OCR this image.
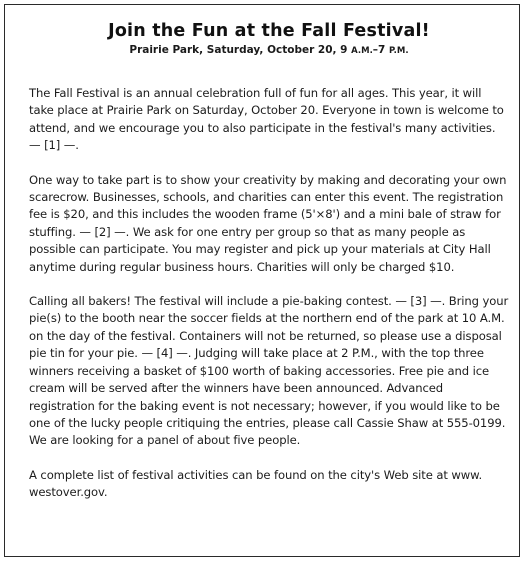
Join the Fun at the Fall Festival!
Prairie Park, Saturday, October 20, 9 A.M.–7 P.M.

The Fall Festival is an annual celebration full of fun for all ages. This year, it will take place at Prairie Park on Saturday, October 20. Everyone in town is welcome to attend, and we encourage you to also participate in the festival's many activities. — [1] —.

One way to take part is to show your creativity by making and decorating your own scarecrow. Businesses, schools, and charities can enter this event. The registration fee is $20, and this includes the wooden frame (5'×8') and a mini bale of straw for stuffing. — [2] —. We ask for one entry per group so that as many people as possible can participate. You may register and pick up your materials at City Hall anytime during regular business hours. Charities will only be charged $10.

Calling all bakers! The festival will include a pie-baking contest. — [3] —. Bring your pie(s) to the booth near the soccer fields at the northern end of the park at 10 A.M. on the day of the festival. Containers will not be returned, so please use a disposal pie tin for your pie. — [4] —. Judging will take place at 2 P.M., with the top three winners receiving a basket of $100 worth of baking accessories. Free pie and ice cream will be served after the winners have been announced. Advanced registration for the baking event is not necessary; however, if you would like to be one of the lucky people critiquing the entries, please call Cassie Shaw at 555-0199. We are looking for a panel of about five people.

A complete list of festival activities can be found on the city's Web site at www. westover.gov.
